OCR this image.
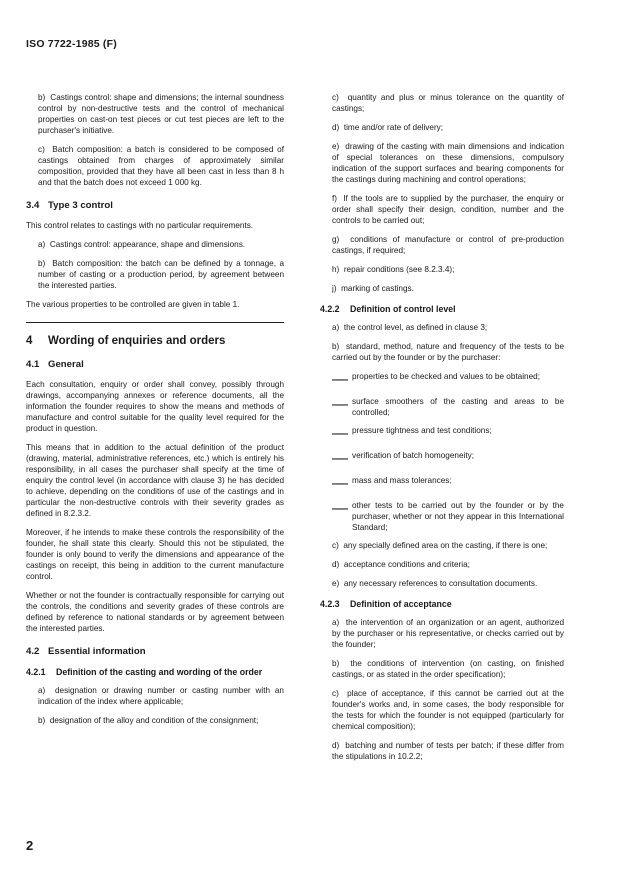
ISO 7722-1985 (F)

b)  Castings control: shape and dimensions; the internal soundness control by non-destructive tests and the control of mechanical properties on cast-on test pieces or cut test pieces are left to the purchaser's initiative.

c)  Batch composition: a batch is considered to be composed of castings obtained from charges of approximately similar composition, provided that they have all been cast in less than 8 h and that the batch does not exceed 1 000 kg.

3.4 Type 3 control

This control relates to castings with no particular requirements.

a)  Castings control: appearance, shape and dimensions.

b)  Batch composition: the batch can be defined by a tonnage, a number of casting or a production period, by agreement between the interested parties.

The various properties to be controlled are given in table 1.

4 Wording of enquiries and orders
4.1 General

Each consultation, enquiry or order shall convey, possibly through drawings, accompanying annexes or reference documents, all the information the founder requires to show the means and methods of manufacture and control suitable for the quality level required for the product in question.

This means that in addition to the actual definition of the product (drawing, material, administrative references, etc.) which is entirely his responsibility, in all cases the purchaser shall specify at the time of enquiry the control level (in accordance with clause 3) he has decided to achieve, depending on the conditions of use of the castings and in particular the non-destructive controls with their severity grades as defined in 8.2.3.2.

Moreover, if he intends to make these controls the responsibility of the founder, he shall state this clearly. Should this not be stipulated, the founder is only bound to verify the dimensions and appearance of the castings on receipt, this being in addition to the current manufacture control.

Whether or not the founder is contractually responsible for carrying out the controls, the conditions and severity grades of these controls are defined by reference to national standards or by agreement between the interested parties.

4.2 Essential information
4.2.1 Definition of the casting and wording of the order

a)  designation or drawing number or casting number with an indication of the index where applicable;

b)  designation of the alloy and condition of the consignment;

c)  quantity and plus or minus tolerance on the quantity of castings;

d)  time and/or rate of delivery;

e)  drawing of the casting with main dimensions and indication of special tolerances on these dimensions, compulsory indication of the support surfaces and bearing components for the castings during machining and control operations;

f)  If the tools are to supplied by the purchaser, the enquiry or order shall specify their design, condition, number and the controls to be carried out;

g)  conditions of manufacture or control of pre-production castings, if required;

h)  repair conditions (see 8.2.3.4);

j)  marking of castings.

4.2.2 Definition of control level

a)  the control level, as defined in clause 3;

b)  standard, method, nature and frequency of the tests to be carried out by the founder or by the purchaser:

— properties to be checked and values to be obtained;
— surface smoothers of the casting and areas to be controlled;
— pressure tightness and test conditions;
— verification of batch homogeneity;
— mass and mass tolerances;
— other tests to be carried out by the founder or by the purchaser, whether or not they appear in this International Standard;

c)  any specially defined area on the casting, if there is one;

d)  acceptance conditions and criteria;

e)  any necessary references to consultation documents.

4.2.3 Definition of acceptance

a)  the intervention of an organization or an agent, authorized by the purchaser or his representative, or checks carried out by the founder;

b)  the conditions of intervention (on casting, on finished castings, or as stated in the order specification);

c)  place of acceptance, if this cannot be carried out at the founder's works and, in some cases, the body responsible for the tests for which the founder is not equipped (particularly for chemical composition);

d)  batching and number of tests per batch; if these differ from the stipulations in 10.2.2;

2
